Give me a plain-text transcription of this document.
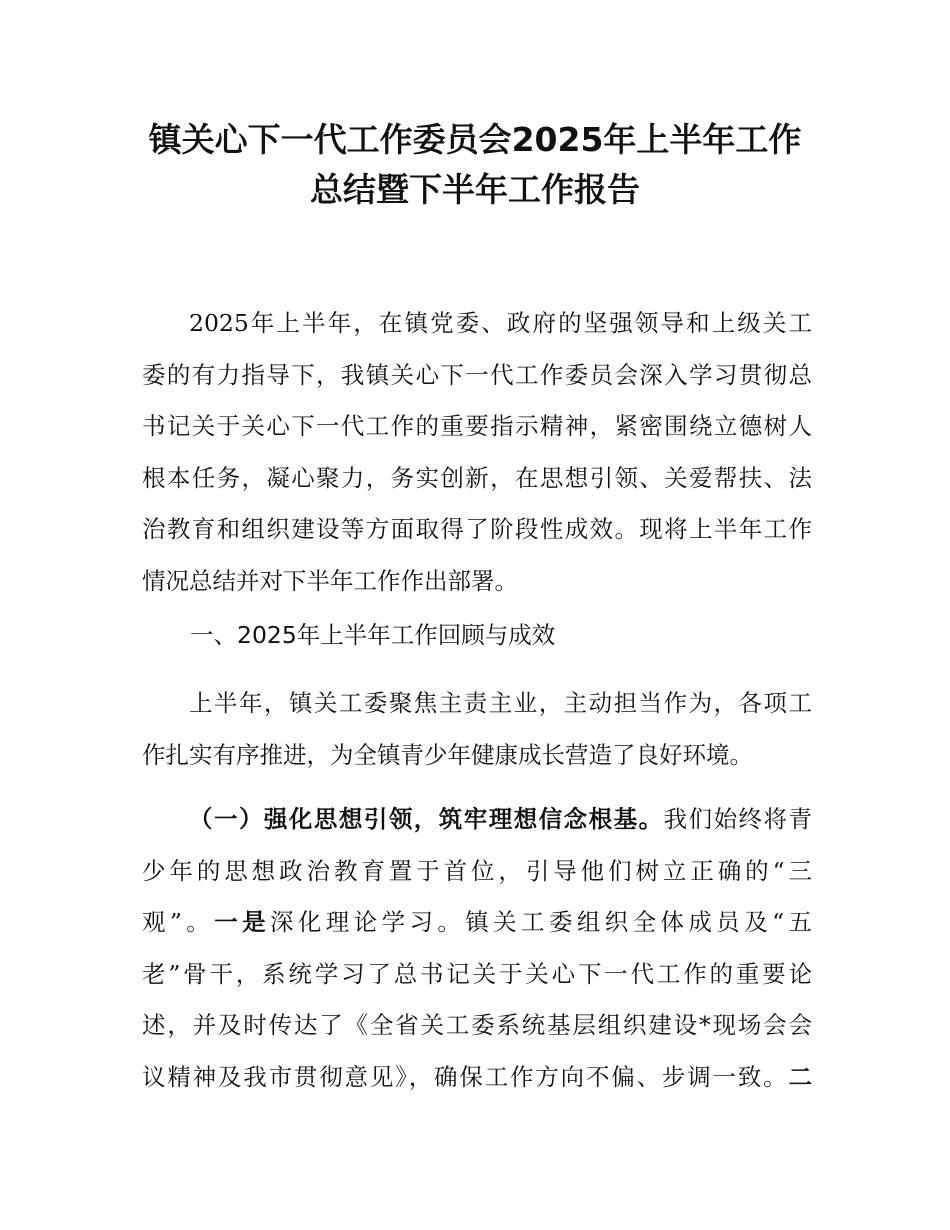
镇关心下一代工作委员会2025年上半年工作
总结暨下半年工作报告
2025年上半年，在镇党委、政府的坚强领导和上级关工
委的有力指导下，我镇关心下一代工作委员会深入学习贯彻总
书记关于关心下一代工作的重要指示精神，紧密围绕立德树人
根本任务，凝心聚力，务实创新，在思想引领、关爱帮扶、法
治教育和组织建设等方面取得了阶段性成效。现将上半年工作
情况总结并对下半年工作作出部署。
一、2025年上半年工作回顾与成效
上半年，镇关工委聚焦主责主业，主动担当作为，各项工
作扎实有序推进，为全镇青少年健康成长营造了良好环境。
（一）强化思想引领，筑牢理想信念根基。我们始终将青
少年的思想政治教育置于首位，引导他们树立正确的“三
观”。一是深化理论学习。镇关工委组织全体成员及“五
老”骨干，系统学习了总书记关于关心下一代工作的重要论
述，并及时传达了《全省关工委系统基层组织建设*现场会会
议精神及我市贯彻意见》，确保工作方向不偏、步调一致。二
